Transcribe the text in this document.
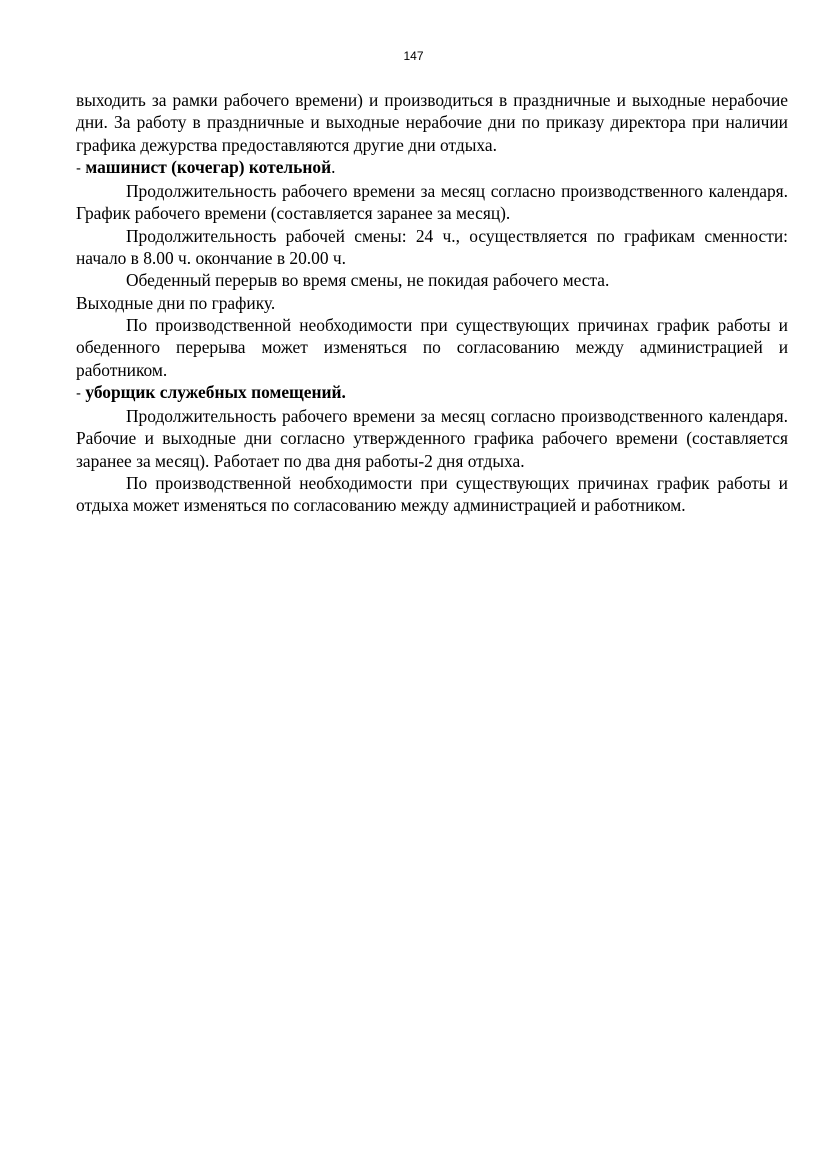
147

выходить за рамки рабочего времени) и производиться в праздничные и выходные нерабочие дни. За работу в праздничные и выходные нерабочие дни по приказу директора при наличии графика дежурства предоставляются другие дни отдыха.

- машинист (кочегар) котельной.

Продолжительность рабочего времени за месяц согласно производственного календаря. График рабочего времени (составляется заранее за месяц).

Продолжительность рабочей смены: 24 ч., осуществляется по графикам сменности: начало в 8.00 ч. окончание в 20.00 ч.

Обеденный перерыв во время смены, не покидая рабочего места.

Выходные дни по графику.

По производственной необходимости при существующих причинах график работы и обеденного перерыва может изменяться по согласованию между администрацией и работником.

- уборщик служебных помещений.

Продолжительность рабочего времени за месяц согласно производственного календаря. Рабочие и выходные дни согласно утвержденного графика рабочего времени (составляется заранее за месяц). Работает по два дня работы-2 дня отдыха.

По производственной необходимости при существующих причинах график работы и отдыха может изменяться по согласованию между администрацией и работником.
